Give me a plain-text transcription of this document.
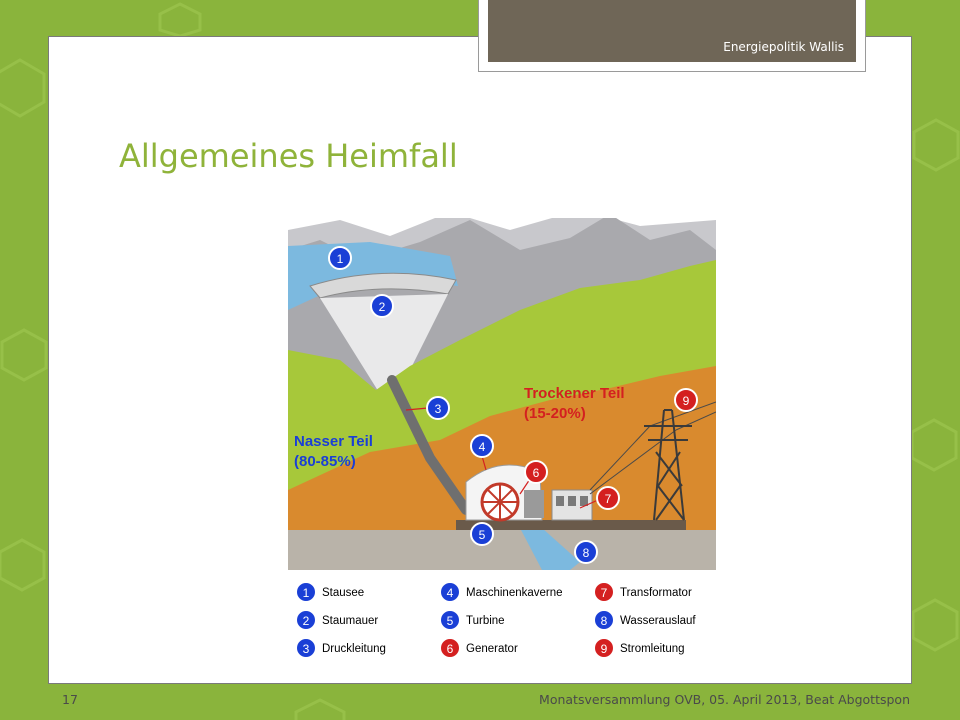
Energiepolitik Wallis
Allgemeines Heimfall
Nasser Teil
(80-85%)
Trockener Teil
(15-20%)
1
2
3
4
5
6
7
8
9
1 Stausee
2 Staumauer
3 Druckleitung
4 Maschinenkaverne
5 Turbine
6 Generator
7 Transformator
8 Wasserauslauf
9 Stromleitung
17	Monatsversammlung OVB, 05. April 2013, Beat Abgottspon
